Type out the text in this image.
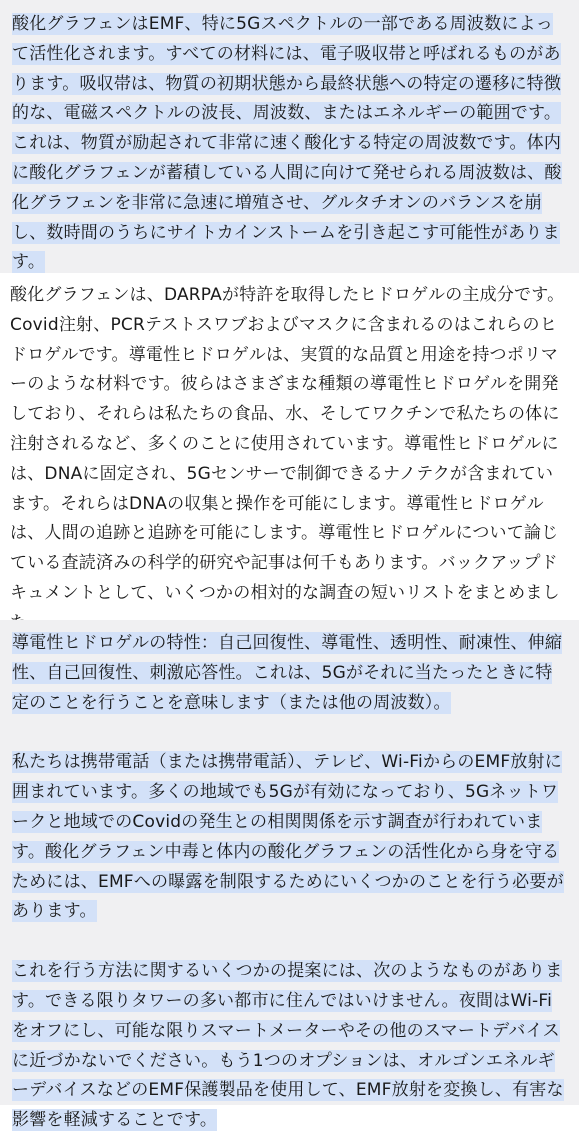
酸化グラフェンはEMF、特に5Gスペクトルの一部である周波数によって活性化されます。すべての材料には、電子吸収帯と呼ばれるものがあります。吸収帯は、物質の初期状態から最終状態への特定の遷移に特徴的な、電磁スペクトルの波長、周波数、またはエネルギーの範囲です。これは、物質が励起されて非常に速く酸化する特定の周波数です。体内に酸化グラフェンが蓄積している人間に向けて発せられる周波数は、酸化グラフェンを非常に急速に増殖させ、グルタチオンのバランスを崩し、数時間のうちにサイトカインストームを引き起こす可能性があります。

酸化グラフェンは、DARPAが特許を取得したヒドロゲルの主成分です。 Covid注射、PCRテストスワブおよびマスクに含まれるのはこれらのヒドロゲルです。導電性ヒドロゲルは、実質的な品質と用途を持つポリマーのような材料です。彼らはさまざまな種類の導電性ヒドロゲルを開発しており、それらは私たちの食品、水、そしてワクチンで私たちの体に注射されるなど、多くのことに使用されています。導電性ヒドロゲルには、DNAに固定され、5Gセンサーで制御できるナノテクが含まれています。それらはDNAの収集と操作を可能にします。導電性ヒドロゲルは、人間の追跡と追跡を可能にします。導電性ヒドロゲルについて論じている査読済みの科学的研究や記事は何千もあります。バックアップドキュメントとして、いくつかの相対的な調査の短いリストをまとめまし

導電性ヒドロゲルの特性：自己回復性、導電性、透明性、耐凍性、伸縮性、自己回復性、刺激応答性。これは、5Gがそれに当たったときに特定のことを行うことを意味します（または他の周波数）。

私たちは携帯電話（または携帯電話）、テレビ、Wi-FiからのEMF放射に囲まれています。多くの地域でも5Gが有効になっており、5Gネットワークと地域でのCovidの発生との相関関係を示す調査が行われています。酸化グラフェン中毒と体内の酸化グラフェンの活性化から身を守るためには、EMFへの曝露を制限するためにいくつかのことを行う必要があります。

これを行う方法に関するいくつかの提案には、次のようなものがあります。できる限りタワーの多い都市に住んではいけません。夜間はWi-Fiをオフにし、可能な限りスマートメーターやその他のスマートデバイスに近づかないでください。もう1つのオプションは、オルゴンエネルギーデバイスなどのEMF保護製品を使用して、EMF放射を変換し、有害な影響を軽減することです。
